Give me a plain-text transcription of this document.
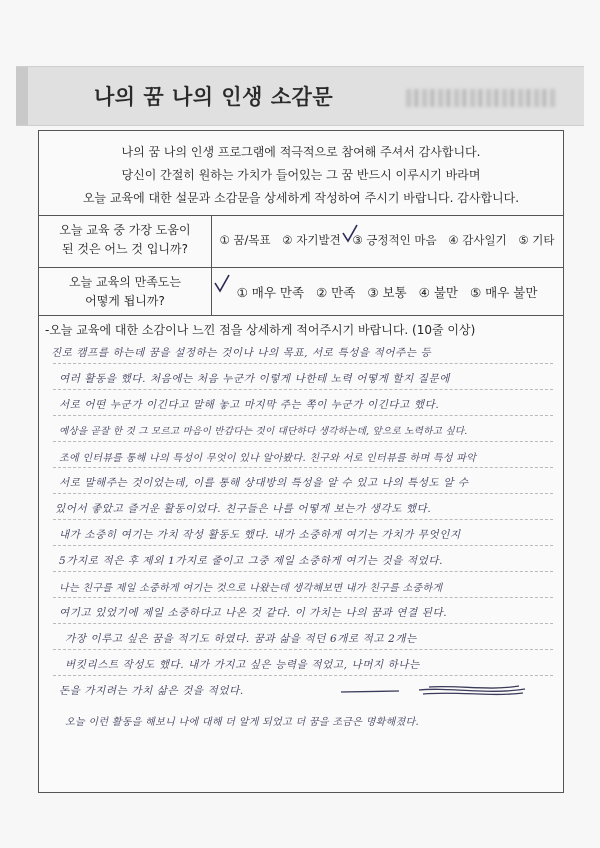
나의 꿈 나의 인생 소감문
나의 꿈 나의 인생 프로그램에 적극적으로 참여해 주셔서 감사합니다.
당신이 간절히 원하는 가치가 들어있는 그 꿈 반드시 이루시기 바라며
오늘 교육에 대한 설문과 소감문을 상세하게 작성하여 주시기 바랍니다. 감사합니다.
오늘 교육 중 가장 도움이
된 것은 어느 것 입니까?
① 꿈/목표 ② 자기발견 ③ 긍정적인 마음 ④ 감사일기 ⑤ 기타
오늘 교육의 만족도는
어떻게 됩니까?
① 매우 만족 ② 만족 ③ 보통 ④ 불만 ⑤ 매우 불만
-오늘 교육에 대한 소감이나 느낀 점을 상세하게 적어주시기 바랍니다. (10줄 이상)
진로 캠프를 하는데 꿈을 설정하는 것이나 나의 목표, 서로 특성을 적어주는 등
여러 활동을 했다. 처음에는 처음 누군가 이렇게 나한테 노력 어떻게 할지 질문에
서로 어떤 누군가 이긴다고 말해 놓고 마지막 주는 쪽이 누군가 이긴다고 했다.
예상을 곧잘 한 것 그 모르고 마음이 반갑다는 것이 대단하다 생각하는데, 앞으로 노력하고 싶다.
조에 인터뷰를 통해 나의 특성이 무엇이 있나 알아봤다. 친구와 서로 인터뷰를 하며 특성 파악
서로 말해주는 것이었는데, 이를 통해 상대방의 특성을 알 수 있고 나의 특성도 알 수
있어서 좋았고 즐거운 활동이었다. 친구들은 나를 어떻게 보는가 생각도 했다.
내가 소중히 여기는 가치 작성 활동도 했다. 내가 소중하게 여기는 가치가 무엇인지
5가지로 적은 후 제외 1가지로 줄이고 그중 제일 소중하게 여기는 것을 적었다.
나는 친구를 제일 소중하게 여기는 것으로 나왔는데 생각해보면 내가 친구를 소중하게
여기고 있었기에 제일 소중하다고 나온 것 같다. 이 가치는 나의 꿈과 연결 된다.
가장 이루고 싶은 꿈을 적기도 하였다. 꿈과 삶을 적던 6개로 적고 2개는
버킷리스트 작성도 했다. 내가 가지고 싶은 능력을 적었고, 나머지 하나는
돈을 가지려는 가치 삶은 것을 적었다.
오늘 이런 활동을 해보니 나에 대해 더 알게 되었고 더 꿈을 조금은 명확해졌다.
